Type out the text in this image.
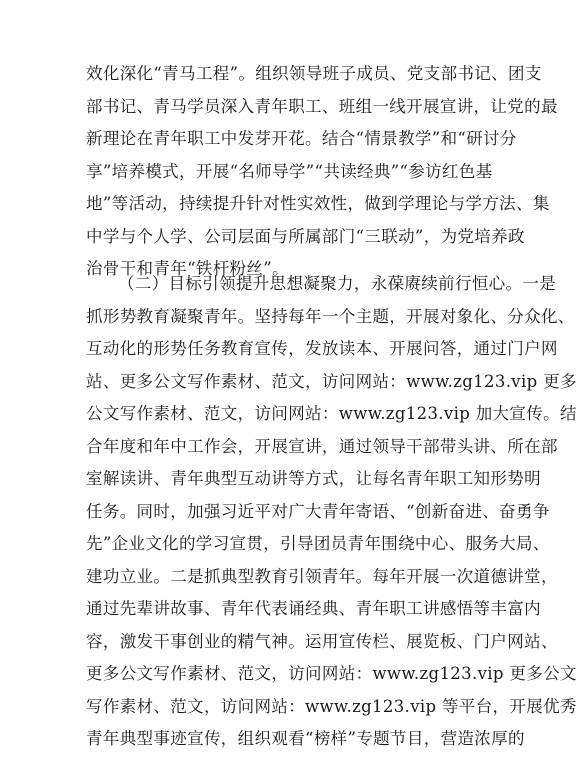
效化深化“青马工程”。组织领导班子成员、党支部书记、团支
部书记、青马学员深入青年职工、班组一线开展宣讲，让党的最
新理论在青年职工中发芽开花。结合“情景教学”和“研讨分
享”培养模式，开展“名师导学”“共读经典”“参访红色基
地”等活动，持续提升针对性实效性，做到学理论与学方法、集
中学与个人学、公司层面与所属部门“三联动”，为党培养政
治骨干和青年“铁杆粉丝”。
（二）目标引领提升思想凝聚力，永葆赓续前行恒心。一是
抓形势教育凝聚青年。坚持每年一个主题，开展对象化、分众化、
互动化的形势任务教育宣传，发放读本、开展问答，通过门户网
站、更多公文写作素材、范文，访问网站：www.zg123.vip 更多
公文写作素材、范文，访问网站：www.zg123.vip 加大宣传。结
合年度和年中工作会，开展宣讲，通过领导干部带头讲、所在部
室解读讲、青年典型互动讲等方式，让每名青年职工知形势明
任务。同时，加强习近平对广大青年寄语、“创新奋进、奋勇争
先”企业文化的学习宣贯，引导团员青年围绕中心、服务大局、
建功立业。二是抓典型教育引领青年。每年开展一次道德讲堂，
通过先辈讲故事、青年代表诵经典、青年职工讲感悟等丰富内
容，激发干事创业的精气神。运用宣传栏、展览板、门户网站、
更多公文写作素材、范文，访问网站：www.zg123.vip 更多公文
写作素材、范文，访问网站：www.zg123.vip 等平台，开展优秀
青年典型事迹宣传，组织观看“榜样”专题节目，营造浓厚的
